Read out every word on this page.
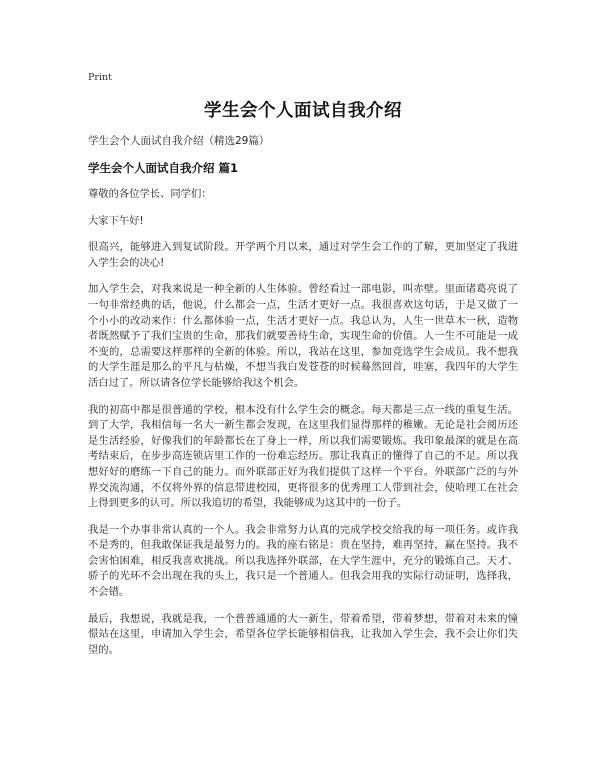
Print
学生会个人面试自我介绍
学生会个人面试自我介绍（精选29篇）
学生会个人面试自我介绍 篇1

尊敬的各位学长、同学们：

大家下午好!

很高兴，能够进入到复试阶段。开学两个月以来，通过对学生会工作的了解，更加坚定了我进入学生会的决心!

加入学生会，对我来说是一种全新的人生体验。曾经看过一部电影，叫赤壁。里面诸葛亮说了一句非常经典的话，他说，什么都会一点，生活才更好一点。我很喜欢这句话，于是又做了一个小小的改动来作：什么都体验一点，生活才更好一点。我总认为，人生一世草木一秋，造物者既然赋予了我们宝贵的生命，那我们就要善待生命，实现生命的价值。人一生不可能是一成不变的，总需要这样那样的全新的体验。所以，我站在这里，参加竞选学生会成员。我不想我的大学生涯是那么的平凡与枯燥，不想当我白发苍苍的时候蓦然回首，哇塞，我四年的大学生活白过了。所以请各位学长能够给我这个机会。

我的初高中都是很普通的学校，根本没有什么学生会的概念。每天都是三点一线的重复生活。到了大学，我相信每一名大一新生都会发现，在这里我们显得那样的稚嫩。无论是社会阅历还是生活经验，好像我们的年龄都长在了身上一样，所以我们需要锻炼。我印象最深的就是在高考结束后，在步步高连锁店里工作的一份难忘经历。那让我真正的懂得了自己的不足。所以我想好好的磨练一下自己的能力。而外联部正好为我们提供了这样一个平台。外联部广泛的与外界交流沟通，不仅将外界的信息带进校园，更将很多的优秀理工人带到社会，使哈理工在社会上得到更多的认可。所以我追切的希望，我能够成为这其中的一份子。

我是一个办事非常认真的一个人。我会非常努力认真的完成学校交给我的每一项任务。或许我不是秀的，但我敢保证我是最努力的。我的座右铭是：贵在坚持，难再坚持，赢在坚持。我不会害怕困难，相反我喜欢挑战。所以我选择外联部，在大学生涯中，充分的锻炼自己。天才、骄子的光环不会出现在我的头上，我只是一个普通人。但我会用我的实际行动证明，选择我，不会错。

最后，我想说，我就是我，一个普普通通的大一新生，带着希望，带着梦想，带着对未来的憧憬站在这里，申请加入学生会，希望各位学长能够相信我，让我加入学生会，我不会让你们失望的。
